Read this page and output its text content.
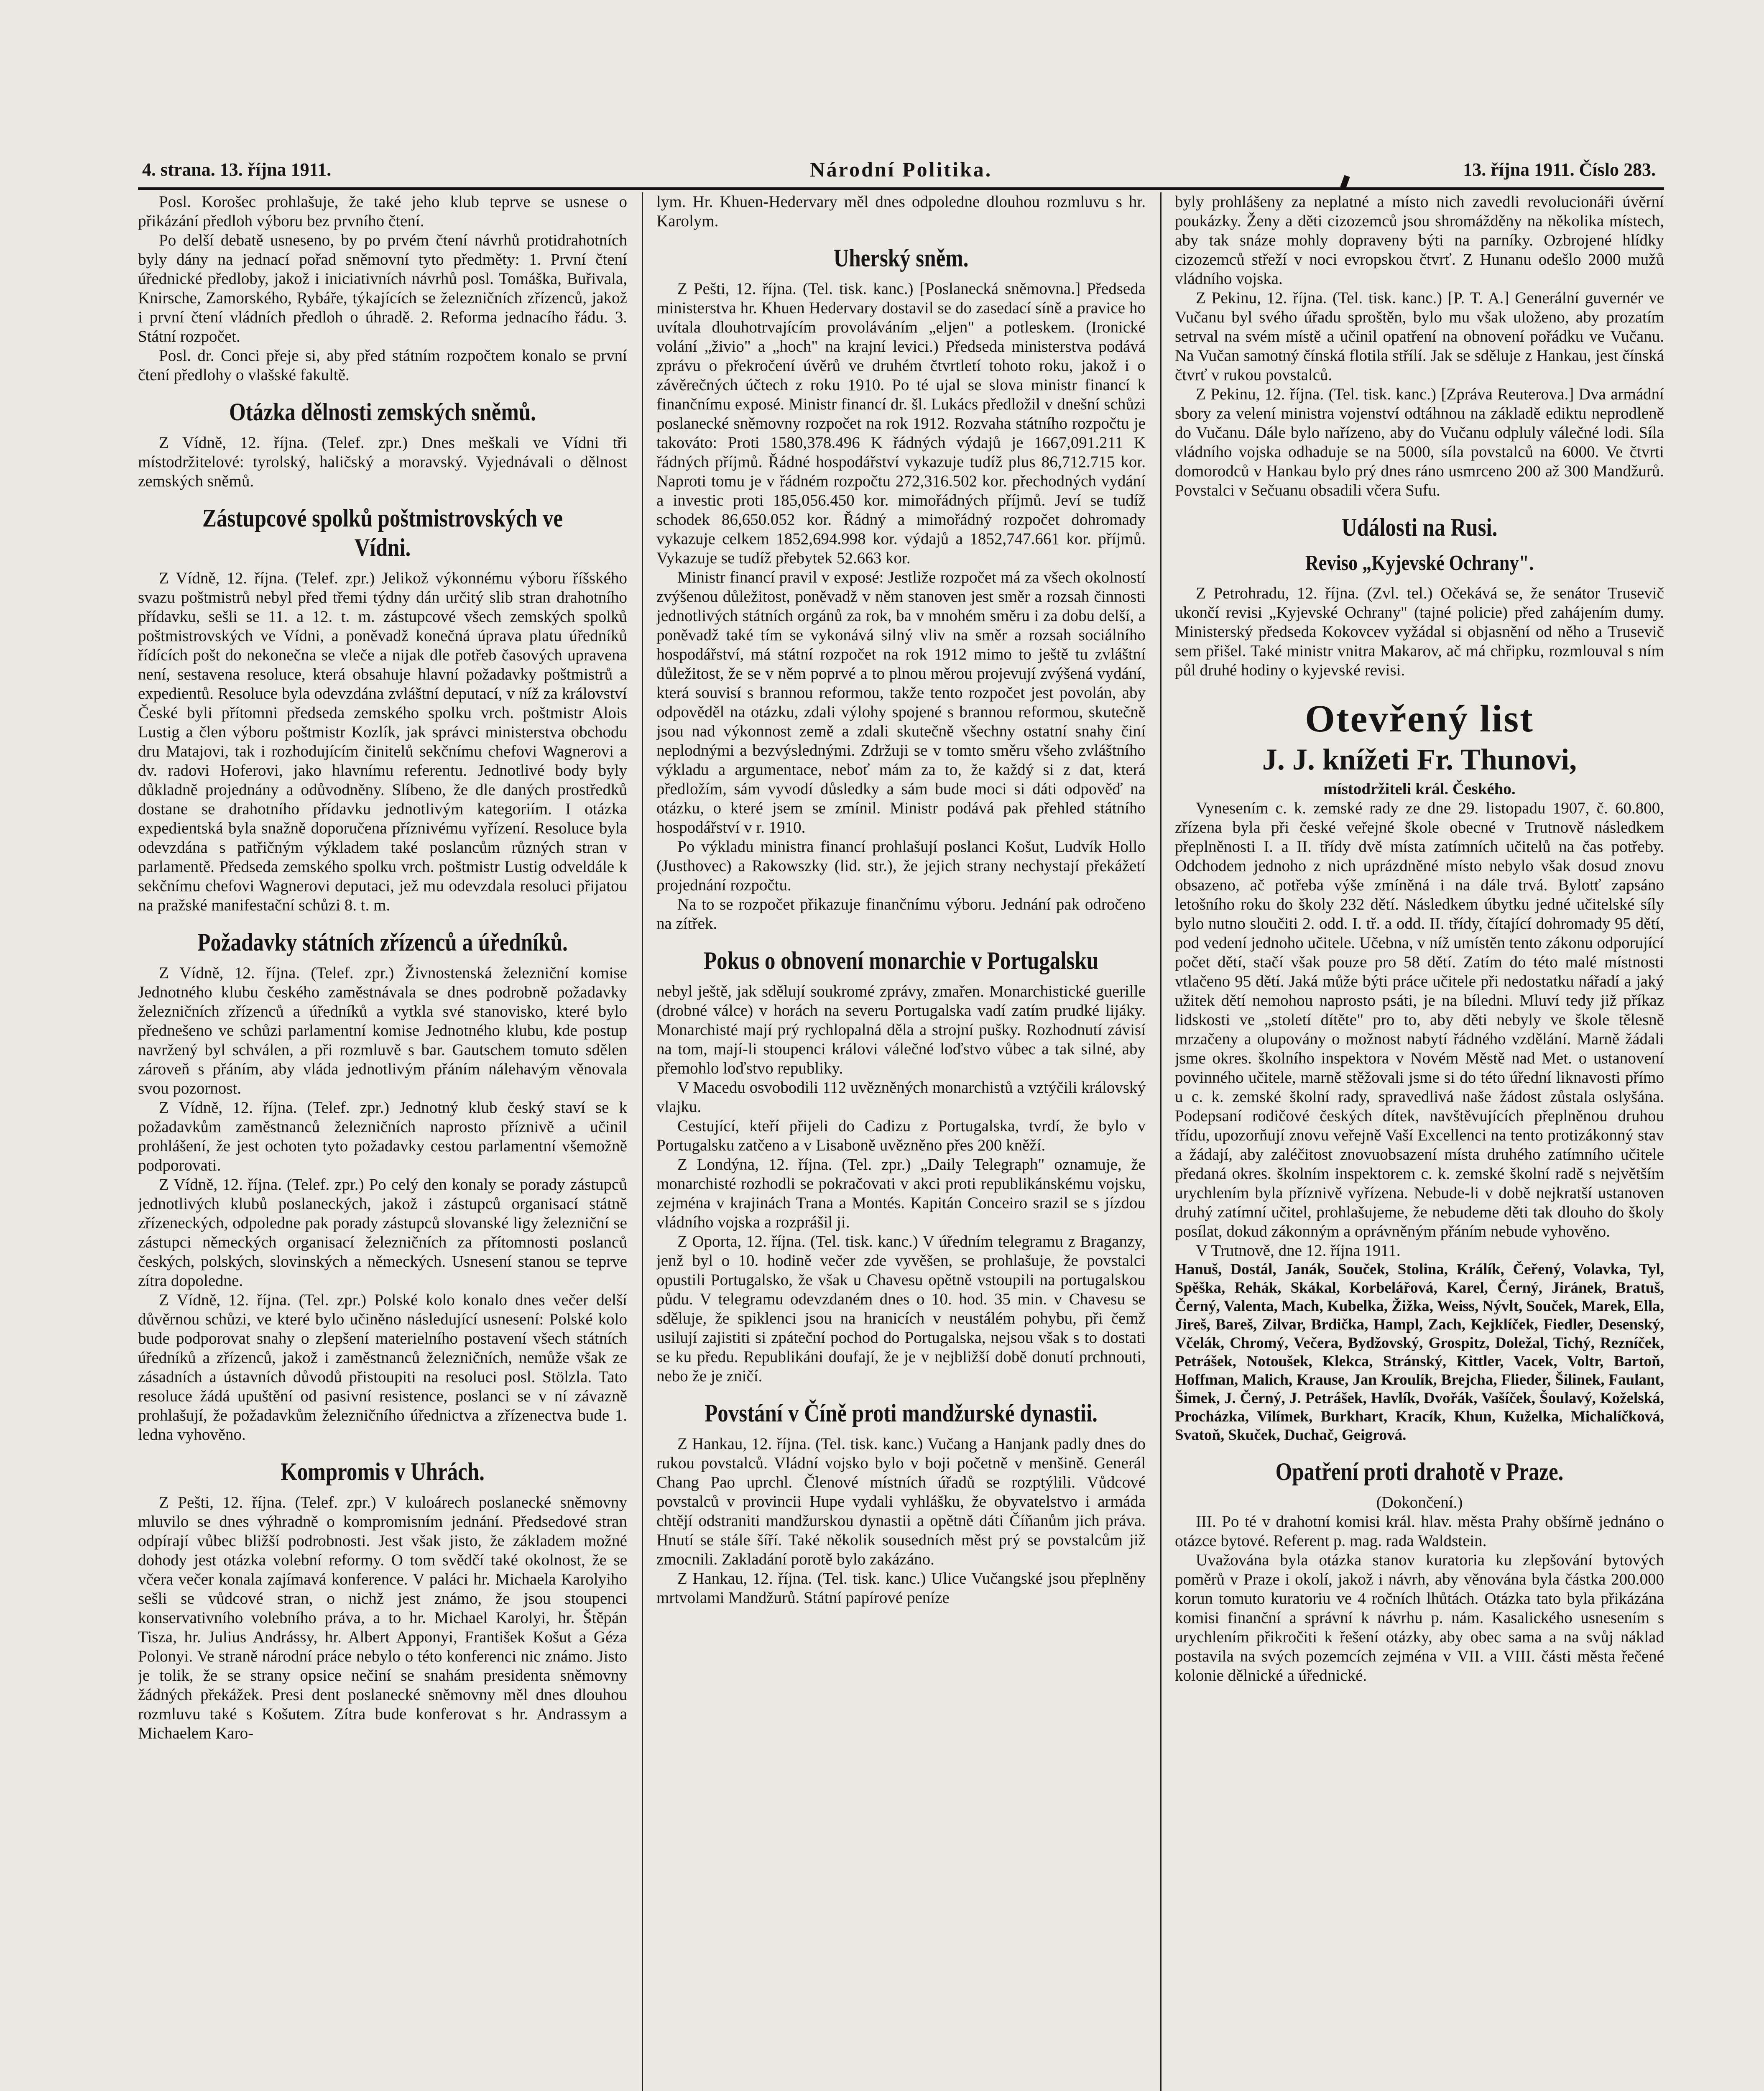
4. strana. 13. října 1911.	Národní Politika.	13. října 1911. Číslo 283.

Posl. Korošec prohlašuje, že také jeho klub teprve se usnese o přikázání předloh výboru bez prvního čtení.

Po delší debatě usneseno, by po prvém čtení návrhů protidrahotních byly dány na jednací pořad sněmovní tyto předměty: 1. První čtení úřednické předloby, jakož i iniciativních návrhů posl. Tomáška, Buřivala, Knirsche, Zamorského, Rybáře, týkajících se železničních zřízenců, jakož i první čtení vládních předloh o úhradě. 2. Reforma jednacího řádu. 3. Státní rozpočet.

Posl. dr. Conci přeje si, aby před státním rozpočtem konalo se první čtení předlohy o vlašské fakultě.

Otázka dělnosti zemských sněmů.

Z Vídně, 12. října. (Telef. zpr.) Dnes meškali ve Vídni tři místodržitelové: tyrolský, haličský a moravský. Vyjednávali o dělnost zemských sněmů.

Zástupcové spolků poštmistrovských ve Vídni.

Z Vídně, 12. října. (Telef. zpr.) Jelikož výkonnému výboru říšského svazu poštmistrů nebyl před třemi týdny dán určitý slib stran drahotního přídavku, sešli se 11. a 12. t. m. zástupcové všech zemských spolků poštmistrovských ve Vídni, a poněvadž konečná úprava platu úředníků řídících pošt do nekonečna se vleče a nijak dle potřeb časových upravena není, sestavena resoluce, která obsahuje hlavní požadavky poštmistrů a expedientů. Resoluce byla odevzdána zvláštní deputací, v níž za království České byli přítomni předseda zemského spolku vrch. poštmistr Alois Lustig a člen výboru poštmistr Kozlík, jak správci ministerstva obchodu dru Matajovi, tak i rozhodujícím činitelů sekčnímu chefovi Wagnerovi a dv. radovi Hoferovi, jako hlavnímu referentu. Jednotlivé body byly důkladně projednány a odůvodněny. Slíbeno, že dle daných prostředků dostane se drahotního přídavku jednotlivým kategoriím. I otázka expedientská byla snažně doporučena příznivému vyřízení. Resoluce byla odevzdána s patřičným výkladem také poslancům různých stran v parlamentě. Předseda zemského spolku vrch. poštmistr Lustig odveldále k sekčnímu chefovi Wagnerovi deputaci, jež mu odevzdala resoluci přijatou na pražské manifestační schůzi 8. t. m.

Požadavky státních zřízenců a úředníků.

Z Vídně, 12. října. (Telef. zpr.) Živnostenská železniční komise Jednotného klubu českého zaměstnávala se dnes podrobně požadavky železničních zřízenců a úředníků a vytkla své stanovisko, které bylo přednešeno ve schůzi parlamentní komise Jednotného klubu, kde postup navržený byl schválen, a při rozmluvě s bar. Gautschem tomuto sdělen zároveň s přáním, aby vláda jednotlivým přáním nálehavým věnovala svou pozornost.

Z Vídně, 12. října. (Telef. zpr.) Jednotný klub český staví se k požadavkům zaměstnanců železničních naprosto příznivě a učinil prohlášení, že jest ochoten tyto požadavky cestou parlamentní všemožně podporovati.

Z Vídně, 12. října. (Telef. zpr.) Po celý den konaly se porady zástupců jednotlivých klubů poslaneckých, jakož i zástupců organisací státně zřízeneckých, odpoledne pak porady zástupců slovanské ligy železniční se zástupci německých organisací železničních za přítomnosti poslanců českých, polských, slovinských a německých. Usnesení stanou se teprve zítra dopoledne.

Z Vídně, 12. října. (Tel. zpr.) Polské kolo konalo dnes večer delší důvěrnou schůzi, ve které bylo učiněno následující usnesení: Polské kolo bude podporovat snahy o zlepšení materielního postavení všech státních úředníků a zřízenců, jakož i zaměstnanců železničních, nemůže však ze zásadních a ústavních důvodů přistoupiti na resoluci posl. Stölzla. Tato resoluce žádá upuštění od pasivní resistence, poslanci se v ní závazně prohlašují, že požadavkům železničního úřednictva a zřízenectva bude 1. ledna vyhověno.

Kompromis v Uhrách.

Z Pešti, 12. října. (Telef. zpr.) V kuloárech poslanecké sněmovny mluvilo se dnes výhradně o kompromisním jednání. Předsedové stran odpírají vůbec bližší podrobnosti. Jest však jisto, že základem možné dohody jest otázka volební reformy. O tom svědčí také okolnost, že se včera večer konala zajímavá konference. V paláci hr. Michaela Karolyiho sešli se vůdcové stran, o nichž jest známo, že jsou stoupenci konservativního volebního práva, a to hr. Michael Karolyi, hr. Štěpán Tisza, hr. Julius Andrássy, hr. Albert Apponyi, František Košut a Géza Polonyi. Ve straně národní práce nebylo o této konferenci nic známo. Jisto je tolik, že se strany opsice nečiní se snahám presidenta sněmovny žádných překážek. Presi dent poslanecké sněmovny měl dnes dlouhou rozmluvu také s Košutem. Zítra bude konferovat s hr. Andrassym a Michaelem Karo-

lym. Hr. Khuen-Hedervary měl dnes odpoledne dlouhou rozmluvu s hr. Karolym.

Uherský sněm.

Z Pešti, 12. října. (Tel. tisk. kanc.) [Poslanecká sněmovna.] Předseda ministerstva hr. Khuen Hedervary dostavil se do zasedací síně a pravice ho uvítala dlouhotrvajícím provoláváním „eljen" a potleskem. (Ironické volání „živio" a „hoch" na krajní levici.) Předseda ministerstva podává zprávu o překročení úvěrů ve druhém čtvrtletí tohoto roku, jakož i o závěrečných účtech z roku 1910. Po té ujal se slova ministr financí k finančnímu exposé. Ministr financí dr. šl. Lukács předložil v dnešní schůzi poslanecké sněmovny rozpočet na rok 1912. Rozvaha státního rozpočtu je takováto: Proti 1580,378.496 K řádných výdajů je 1667,091.211 K řádných příjmů. Řádné hospodářství vykazuje tudíž plus 86,712.715 kor. Naproti tomu je v řádném rozpočtu 272,316.502 kor. přechodných vydání a investic proti 185,056.450 kor. mimořádných příjmů. Jeví se tudíž schodek 86,650.052 kor. Řádný a mimořádný rozpočet dohromady vykazuje celkem 1852,694.998 kor. výdajů a 1852,747.661 kor. příjmů. Vykazuje se tudíž přebytek 52.663 kor.

Ministr financí pravil v exposé: Jestliže rozpočet má za všech okolností zvýšenou důležitost, poněvadž v něm stanoven jest směr a rozsah činnosti jednotlivých státních orgánů za rok, ba v mnohém směru i za dobu delší, a poněvadž také tím se vykonává silný vliv na směr a rozsah sociálního hospodářství, má státní rozpočet na rok 1912 mimo to ještě tu zvláštní důležitost, že se v něm poprvé a to plnou měrou projevují zvýšená vydání, která souvisí s brannou reformou, takže tento rozpočet jest povolán, aby odpověděl na otázku, zdali výlohy spojené s brannou reformou, skutečně jsou nad výkonnost země a zdali skutečně všechny ostatní snahy činí neplodnými a bezvýslednými. Zdržuji se v tomto směru všeho zvláštního výkladu a argumentace, neboť mám za to, že každý si z dat, která předložím, sám vyvodí důsledky a sám bude moci si dáti odpověď na otázku, o které jsem se zmínil. Ministr podává pak přehled státního hospodářství v r. 1910.

Po výkladu ministra financí prohlašují poslanci Košut, Ludvík Hollo (Justhovec) a Rakowszky (lid. str.), že jejich strany nechystají překážetí projednání rozpočtu.

Na to se rozpočet přikazuje finančnímu výboru. Jednání pak odročeno na zítřek.

Pokus o obnovení monarchie v Portugalsku

nebyl ještě, jak sdělují soukromé zprávy, zmařen. Monarchistické guerille (drobné válce) v horách na severu Portugalska vadí zatím prudké lijáky. Monarchisté mají prý rychlopalná děla a strojní pušky. Rozhodnutí závisí na tom, mají-li stoupenci královi válečné loďstvo vůbec a tak silné, aby přemohlo loďstvo republiky.

V Macedu osvobodili 112 uvězněných monarchistů a vztýčili královský vlajku.

Cestující, kteří přijeli do Cadizu z Portugalska, tvrdí, že bylo v Portugalsku zatčeno a v Lisaboně uvězněno přes 200 kněží.

Z Londýna, 12. října. (Tel. zpr.) „Daily Telegraph" oznamuje, že monarchisté rozhodli se pokračovati v akci proti republikánskému vojsku, zejména v krajinách Trana a Montés. Kapitán Conceiro srazil se s jízdou vládního vojska a rozprášil ji.

Z Oporta, 12. října. (Tel. tisk. kanc.) V úředním telegramu z Braganzy, jenž byl o 10. hodině večer zde vyvěšen, se prohlašuje, že povstalci opustili Portugalsko, že však u Chavesu opětně vstoupili na portugalskou půdu. V telegramu odevzdaném dnes o 10. hod. 35 min. v Chavesu se sděluje, že spiklenci jsou na hranicích v neustálém pohybu, při čemž usilují zajistiti si zpáteční pochod do Portugalska, nejsou však s to dostati se ku předu. Republikáni doufají, že je v nejbližší době donutí prchnouti, nebo že je zničí.

Povstání v Číně proti mandžurské dynastii.

Z Hankau, 12. října. (Tel. tisk. kanc.) Vučang a Hanjank padly dnes do rukou povstalců. Vládní vojsko bylo v boji početně v menšině. Generál Chang Pao uprchl. Členové místních úřadů se rozptýlili. Vůdcové povstalců v provincii Hupe vydali vyhlášku, že obyvatelstvo i armáda chtějí odstraniti mandžurskou dynastii a opětně dáti Číňanům jich práva. Hnutí se stále šíří. Také několik sousedních měst prý se povstalcům již zmocnili. Zakladání porotě bylo zakázáno.

Z Hankau, 12. října. (Tel. tisk. kanc.) Ulice Vučangské jsou přeplněny mrtvolami Mandžurů. Státní papírové peníze

byly prohlášeny za neplatné a místo nich zavedli revolucionáři úvěrní poukázky. Ženy a děti cizozemců jsou shromážděny na několika místech, aby tak snáze mohly dopraveny býti na parníky. Ozbrojené hlídky cizozemců střeží v noci evropskou čtvrť. Z Hunanu odešlo 2000 mužů vládního vojska.

Z Pekinu, 12. října. (Tel. tisk. kanc.) [P. T. A.] Generální guvernér ve Vučanu byl svého úřadu sproštěn, bylo mu však uloženo, aby prozatím setrval na svém místě a učinil opatření na obnovení pořádku ve Vučanu. Na Vučan samotný čínská flotila střílí. Jak se sděluje z Hankau, jest čínská čtvrť v rukou povstalců.

Z Pekinu, 12. října. (Tel. tisk. kanc.) [Zpráva Reuterova.] Dva armádní sbory za velení ministra vojenství odtáhnou na základě ediktu neprodleně do Vučanu. Dále bylo nařízeno, aby do Vučanu odpluly válečné lodi. Síla vládního vojska odhaduje se na 5000, síla povstalců na 6000. Ve čtvrti domorodců v Hankau bylo prý dnes ráno usmrceno 200 až 300 Mandžurů. Povstalci v Sečuanu obsadili včera Sufu.

Události na Rusi.
Reviso „Kyjevské Ochrany".

Z Petrohradu, 12. října. (Zvl. tel.) Očekává se, že senátor Trusevič ukončí revisi „Kyjevské Ochrany" (tajné policie) před zahájením dumy. Ministerský předseda Kokovcev vyžádal si objasnění od něho a Trusevič sem přišel. Také ministr vnitra Makarov, ač má chřipku, rozmlouval s ním půl druhé hodiny o kyjevské revisi.

Otevřený list
J. J. knížeti Fr. Thunovi,

místodržiteli král. Českého.

Vynesením c. k. zemské rady ze dne 29. listopadu 1907, č. 60.800, zřízena byla při české veřejné škole obecné v Trutnově následkem přeplněnosti I. a II. třídy dvě místa zatímních učitelů na čas potřeby. Odchodem jednoho z nich uprázdněné místo nebylo však dosud znovu obsazeno, ač potřeba výše zmíněná i na dále trvá. Bylotť zapsáno letošního roku do školy 232 dětí. Následkem úbytku jedné učitelské síly bylo nutno sloučiti 2. odd. I. tř. a odd. II. třídy, čítající dohromady 95 dětí, pod vedení jednoho učitele. Učebna, v níž umístěn tento zákonu odporující počet dětí, stačí však pouze pro 58 dětí. Zatím do této malé místnosti vtlačeno 95 dětí. Jaká může býti práce učitele při nedostatku nářadí a jaký užitek dětí nemohou naprosto psáti, je na bíledni. Mluví tedy již příkaz lidskosti ve „století dítěte" pro to, aby děti nebyly ve škole tělesně mrzačeny a olupovány o možnost nabytí řádného vzdělání. Marně žádali jsme okres. školního inspektora v Novém Městě nad Met. o ustanovení povinného učitele, marně stěžovali jsme si do této úřední liknavosti přímo u c. k. zemské školní rady, spravedlivá naše žádost zůstala oslyšána. Podepsaní rodičové českých dítek, navštěvujících přeplněnou druhou třídu, upozorňují znovu veřejně Vaší Excellenci na tento protizákonný stav a žádají, aby zaléčitost znovuobsazení místa druhého zatímního učitele předaná okres. školním inspektorem c. k. zemské školní radě s největším urychlením byla příznivě vyřízena. Nebude-li v době nejkratší ustanoven druhý zatímní učitel, prohlašujeme, že nebudeme děti tak dlouho do školy posílat, dokud zákonným a oprávněným přáním nebude vyhověno.

V Trutnově, dne 12. října 1911.

Hanuš, Dostál, Janák, Souček, Stolina, Králík, Čeřený, Volavka, Tyl, Spěška, Rehák, Skákal, Korbelářová, Karel, Černý, Jiránek, Bratuš, Černý, Valenta, Mach, Kubelka, Žižka, Weiss, Nývlt, Souček, Marek, Ella, Jireš, Bareš, Zilvar, Brdička, Hampl, Zach, Kejklíček, Fiedler, Desenský, Včelák, Chromý, Večera, Bydžovský, Grospitz, Doležal, Tichý, Rezníček, Petrášek, Notoušek, Klekca, Stránský, Kittler, Vacek, Voltr, Bartoň, Hoffman, Malich, Krause, Jan Kroulík, Brejcha, Flieder, Šilinek, Faulant, Šimek, J. Černý, J. Petrášek, Havlík, Dvořák, Vašíček, Šoulavý, Koželská, Procházka, Vilímek, Burkhart, Kracík, Khun, Kuželka, Michalíčková, Svatoň, Skuček, Duchač, Geigrová.

Opatření proti drahotě v Praze.

(Dokončení.)

III. Po té v drahotní komisi král. hlav. města Prahy obšírně jednáno o otázce bytové. Referent p. mag. rada Waldstein.

Uvažována byla otázka stanov kuratoria ku zlepšování bytových poměrů v Praze i okolí, jakož i návrh, aby věnována byla částka 200.000 korun tomuto kuratoriu ve 4 ročních lhůtách. Otázka tato byla přikázána komisi finanční a správní k návrhu p. nám. Kasalického usnesením s urychlením přikročiti k řešení otázky, aby obec sama a na svůj náklad postavila na svých pozemcích zejména v VII. a VIII. části města řečené kolonie dělnické a úřednické.
